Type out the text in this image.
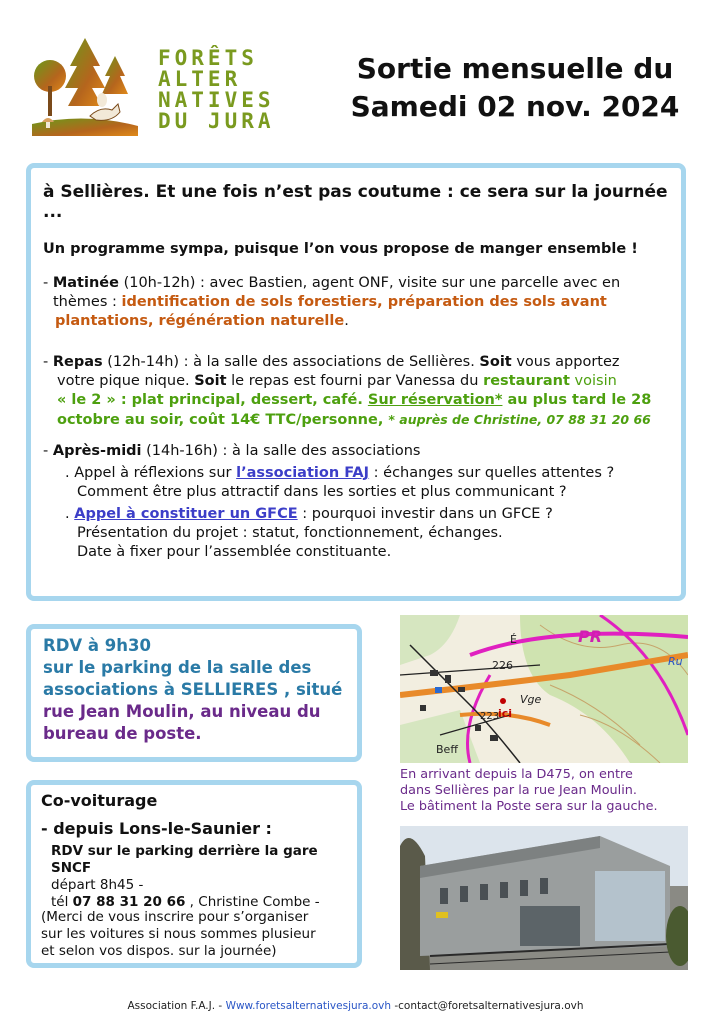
FORÊTS
ALTER
NATIVES
DU JURA
Sortie mensuelle du
Samedi 02 nov. 2024
à Sellières. Et une fois n’est pas coutume : ce sera sur la journée ...
Un programme sympa, puisque l’on vous propose de manger ensemble !
- Matinée (10h-12h) : avec Bastien, agent ONF, visite sur une parcelle avec en
thèmes : identification de sols forestiers, préparation des sols avant
plantations, régénération naturelle.
- Repas (12h-14h) : à la salle des associations de Sellières. Soit vous apportez
votre pique nique. Soit le repas est fourni par Vanessa du restaurant voisin
« le 2 » : plat principal, dessert, café. Sur réservation* au plus tard le 28
octobre au soir, coût 14€ TTC/personne, * auprès de Christine, 07 88 31 20 66
- Après-midi (14h-16h) : à la salle des associations
. Appel à réflexions sur l’association FAJ : échanges sur quelles attentes ?
Comment être plus attractif dans les sorties et plus communicant ?
. Appel à constituer un GFCE : pourquoi investir dans un GFCE ?
Présentation du projet : statut, fonctionnement, échanges.
Date à fixer pour l’assemblée constituante.
RDV à 9h30
sur le parking de la salle des
associations à SELLIERES , situé
rue Jean Moulin, au niveau du
bureau de poste.
PR
226
ici
Vge
Ru
Beff
É
223
En arrivant depuis la D475, on entre
dans Sellières par la rue Jean Moulin.
Le bâtiment la Poste sera sur la gauche.
Co-voiturage
- depuis Lons-le-Saunier :
RDV sur le parking derrière la gare SNCF
départ 8h45 -
tél 07 88 31 20 66 , Christine Combe -
(Merci de vous inscrire pour s’organiser
sur les voitures si nous sommes plusieur
et selon vos dispos. sur la journée)
Association F.A.J. - Www.foretsalternativesjura.ovh -contact@foretsalternativesjura.ovh
